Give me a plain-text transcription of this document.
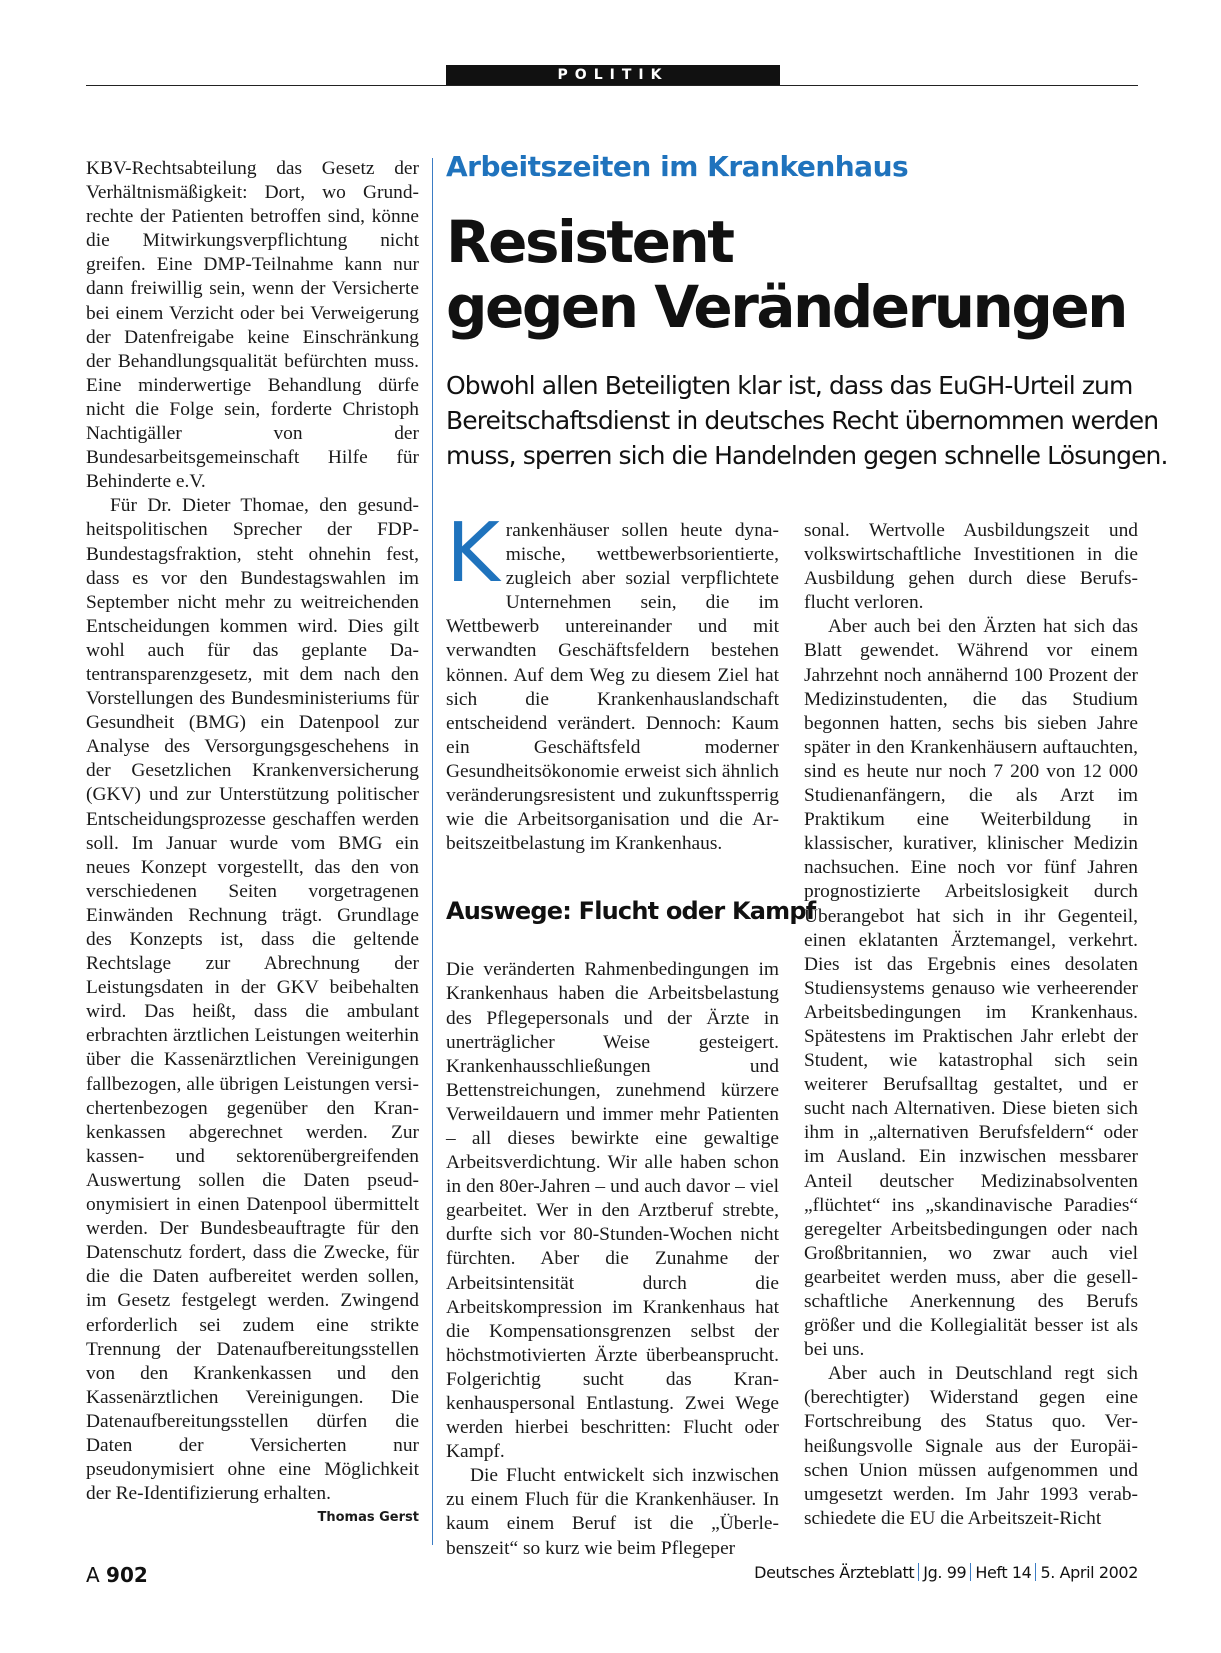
POLITIK

KBV-Rechtsabteilung das Gesetz der Verhältnismäßigkeit: Dort, wo Grundrechte der Patienten betroffen sind, könne die Mitwirkungsverpflichtung nicht greifen. Eine DMP-Teilnahme kann nur dann freiwillig sein, wenn der Versicherte bei einem Verzicht oder bei Verweigerung der Datenfreigabe keine Einschränkung der Behandlungsqualität befürchten muss. Eine minderwertige Behandlung dürfe nicht die Folge sein, forderte Christoph Nachtigäller von der Bundesarbeitsgemeinschaft Hilfe für Behinderte e.V.

Für Dr. Dieter Thomae, den gesundheitspolitischen Sprecher der FDP-Bundestagsfraktion, steht ohnehin fest, dass es vor den Bundestagswahlen im September nicht mehr zu weitreichenden Entscheidungen kommen wird. Dies gilt wohl auch für das geplante Datentransparenzgesetz, mit dem nach den Vorstellungen des Bundesministeriums für Gesundheit (BMG) ein Datenpool zur Analyse des Versorgungsgeschehens in der Gesetzlichen Krankenversicherung (GKV) und zur Unterstützung politischer Entscheidungsprozesse geschaffen werden soll. Im Januar wurde vom BMG ein neues Konzept vorgestellt, das den von verschiedenen Seiten vorgetragenen Einwänden Rechnung trägt. Grundlage des Konzepts ist, dass die geltende Rechtslage zur Abrechnung der Leistungsdaten in der GKV beibehalten wird. Das heißt, dass die ambulant erbrachten ärztlichen Leistungen weiterhin über die Kassenärztlichen Vereinigungen fallbezogen, alle übrigen Leistungen versichertenbezogen gegenüber den Krankenkassen abgerechnet werden. Zur kassen- und sektorenübergreifenden Auswertung sollen die Daten pseudonymisiert in einen Datenpool übermittelt werden. Der Bundesbeauftragte für den Datenschutz fordert, dass die Zwecke, für die die Daten aufbereitet werden sollen, im Gesetz festgelegt werden. Zwingend erforderlich sei zudem eine strikte Trennung der Datenaufbereitungsstellen von den Krankenkassen und den Kassenärztlichen Vereinigungen. Die Datenaufbereitungsstellen dürfen die Daten der Versicherten nur pseudonymisiert ohne eine Möglichkeit der Re-Identifizierung erhalten.
Thomas Gerst

Arbeitszeiten im Krankenhaus
Resistent
gegen Veränderungen
Obwohl allen Beteiligten klar ist, dass das EuGH-Urteil zum
Bereitschaftsdienst in deutsches Recht übernommen werden
muss, sperren sich die Handelnden gegen schnelle Lösungen.

K rankenhäuser sollen heute dynamische, wettbewerbsorientierte, zugleich aber sozial verpflichtete Unternehmen sein, die im Wettbewerb untereinander und mit verwandten Geschäftsfeldern bestehen können. Auf dem Weg zu diesem Ziel hat sich die Krankenhauslandschaft entscheidend verändert. Dennoch: Kaum ein Geschäftsfeld moderner Gesundheitsökonomie erweist sich ähnlich veränderungsresistent und zukunftssperrig wie die Arbeitsorganisation und die Arbeitszeitbelastung im Krankenhaus.

Auswege: Flucht oder Kampf

Die veränderten Rahmenbedingungen im Krankenhaus haben die Arbeitsbelastung des Pflegepersonals und der Ärzte in unerträglicher Weise gesteigert. Krankenhausschließungen und Bettenstreichungen, zunehmend kürzere Verweildauern und immer mehr Patienten – all dieses bewirkte eine gewaltige Arbeitsverdichtung. Wir alle haben schon in den 80er-Jahren – und auch davor – viel gearbeitet. Wer in den Arztberuf strebte, durfte sich vor 80-Stunden-Wochen nicht fürchten. Aber die Zunahme der Arbeitsintensität durch die Arbeitskompression im Krankenhaus hat die Kompensationsgrenzen selbst der höchstmotivierten Ärzte überbeansprucht. Folgerichtig sucht das Krankenhauspersonal Entlastung. Zwei Wege werden hierbei beschritten: Flucht oder Kampf.

Die Flucht entwickelt sich inzwischen zu einem Fluch für die Krankenhäuser. In kaum einem Beruf ist die „Überlebenszeit“ so kurz wie beim Pflegeper

sonal. Wertvolle Ausbildungszeit und volkswirtschaftliche Investitionen in die Ausbildung gehen durch diese Berufsflucht verloren.

Aber auch bei den Ärzten hat sich das Blatt gewendet. Während vor einem Jahrzehnt noch annähernd 100 Prozent der Medizinstudenten, die das Studium begonnen hatten, sechs bis sieben Jahre später in den Krankenhäusern auftauchten, sind es heute nur noch 7 200 von 12 000 Studienanfängern, die als Arzt im Praktikum eine Weiterbildung in klassischer, kurativer, klinischer Medizin nachsuchen. Eine noch vor fünf Jahren prognostizierte Arbeitslosigkeit durch Überangebot hat sich in ihr Gegenteil, einen eklatanten Ärztemangel, verkehrt. Dies ist das Ergebnis eines desolaten Studiensystems genauso wie verheerender Arbeitsbedingungen im Krankenhaus. Spätestens im Praktischen Jahr erlebt der Student, wie katastrophal sich sein weiterer Berufsalltag gestaltet, und er sucht nach Alternativen. Diese bieten sich ihm in „alternativen Berufsfeldern“ oder im Ausland. Ein inzwischen messbarer Anteil deutscher Medizinabsolventen „flüchtet“ ins „skandinavische Paradies“ geregelter Arbeitsbedingungen oder nach Großbritannien, wo zwar auch viel gearbeitet werden muss, aber die gesellschaftliche Anerkennung des Berufs größer und die Kollegialität besser ist als bei uns.

Aber auch in Deutschland regt sich (berechtigter) Widerstand gegen eine Fortschreibung des Status quo. Verheißungsvolle Signale aus der Europäischen Union müssen aufgenommen und umgesetzt werden. Im Jahr 1993 verabschiedete die EU die Arbeitszeit-Richt

A 902	Deutsches Ärzteblatt Jg. 99 Heft 14 5. April 2002
